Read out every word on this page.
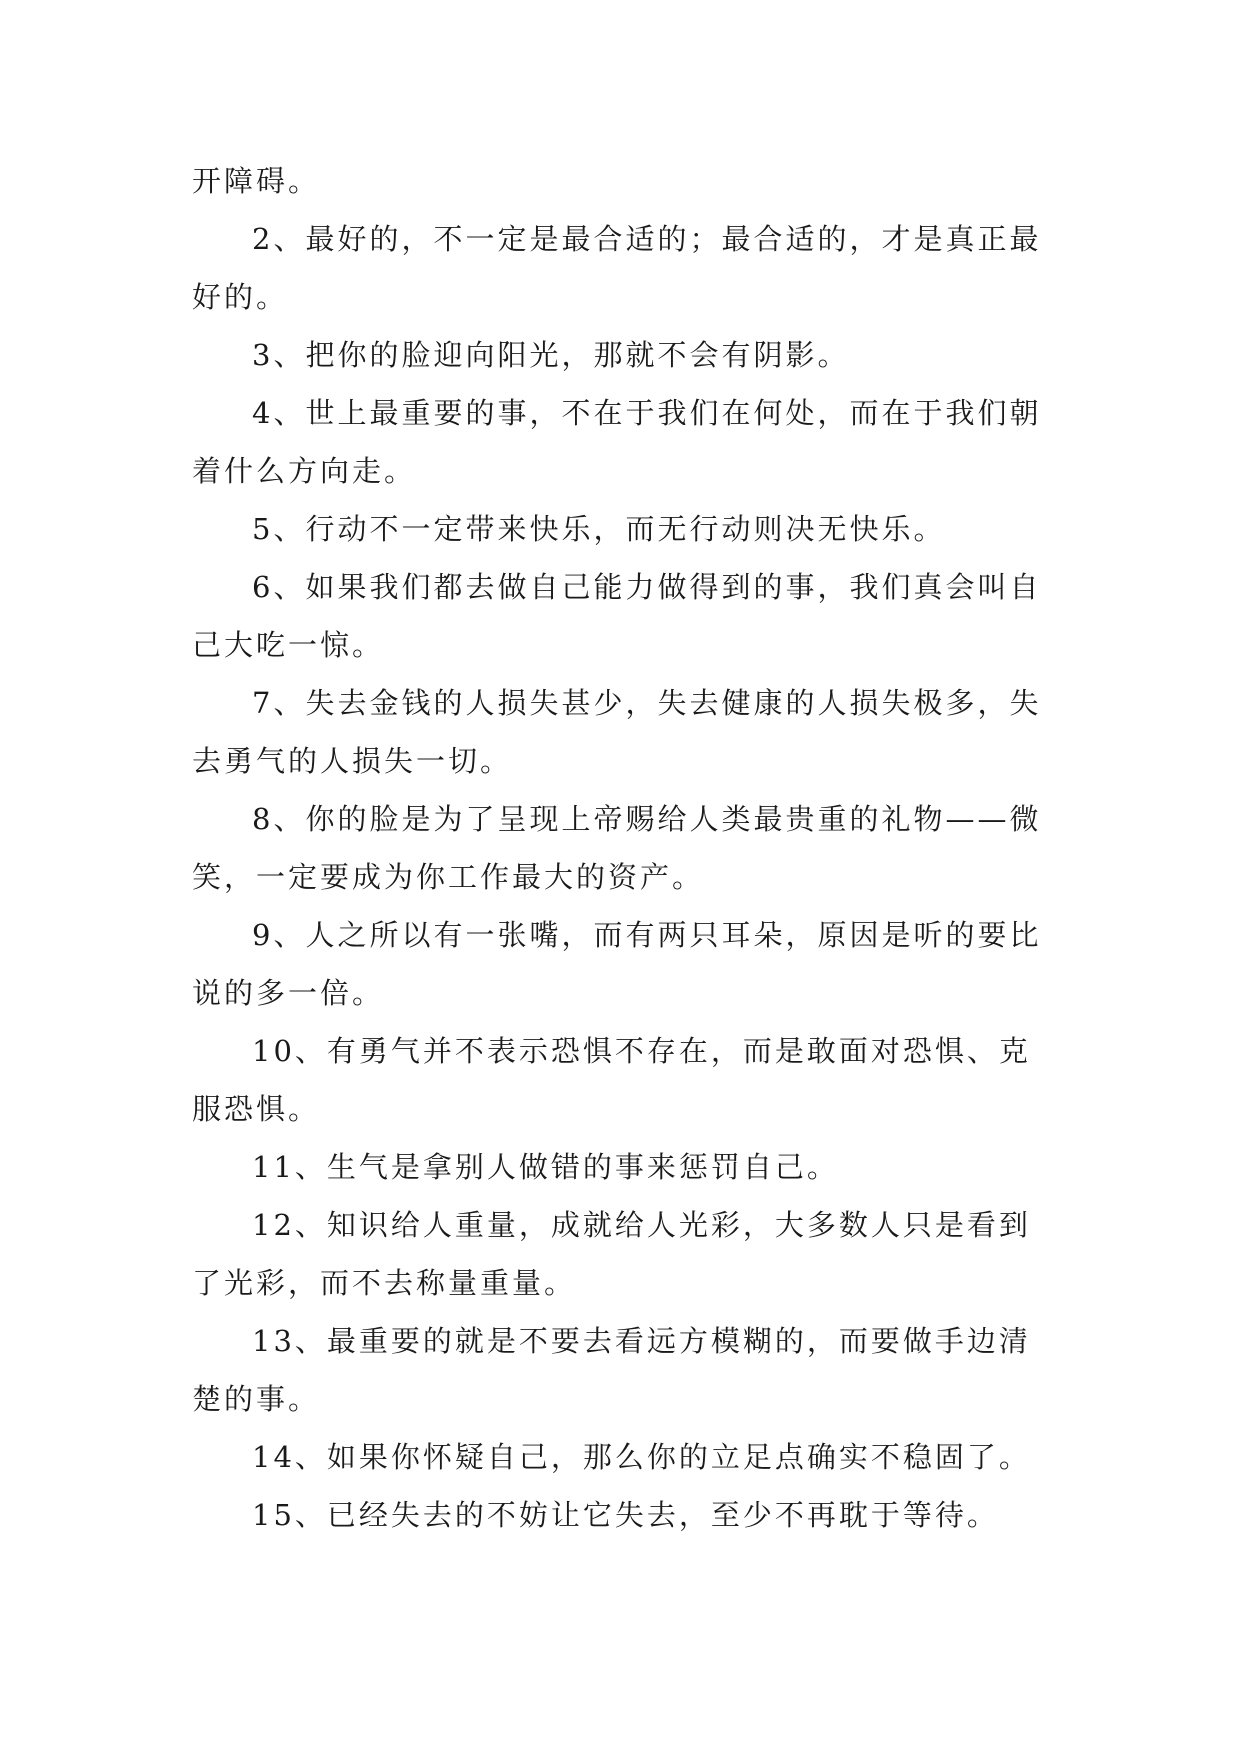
开障碍。

2、最好的，不一定是最合适的；最合适的，才是真正最好的。

3、把你的脸迎向阳光，那就不会有阴影。

4、世上最重要的事，不在于我们在何处，而在于我们朝着什么方向走。

5、行动不一定带来快乐，而无行动则决无快乐。

6、如果我们都去做自己能力做得到的事，我们真会叫自己大吃一惊。

7、失去金钱的人损失甚少，失去健康的人损失极多，失去勇气的人损失一切。

8、你的脸是为了呈现上帝赐给人类最贵重的礼物——微笑，一定要成为你工作最大的资产。

9、人之所以有一张嘴，而有两只耳朵，原因是听的要比说的多一倍。

10、有勇气并不表示恐惧不存在，而是敢面对恐惧、克服恐惧。

11、生气是拿别人做错的事来惩罚自己。

12、知识给人重量，成就给人光彩，大多数人只是看到了光彩，而不去称量重量。

13、最重要的就是不要去看远方模糊的，而要做手边清楚的事。

14、如果你怀疑自己，那么你的立足点确实不稳固了。

15、已经失去的不妨让它失去，至少不再耽于等待。
